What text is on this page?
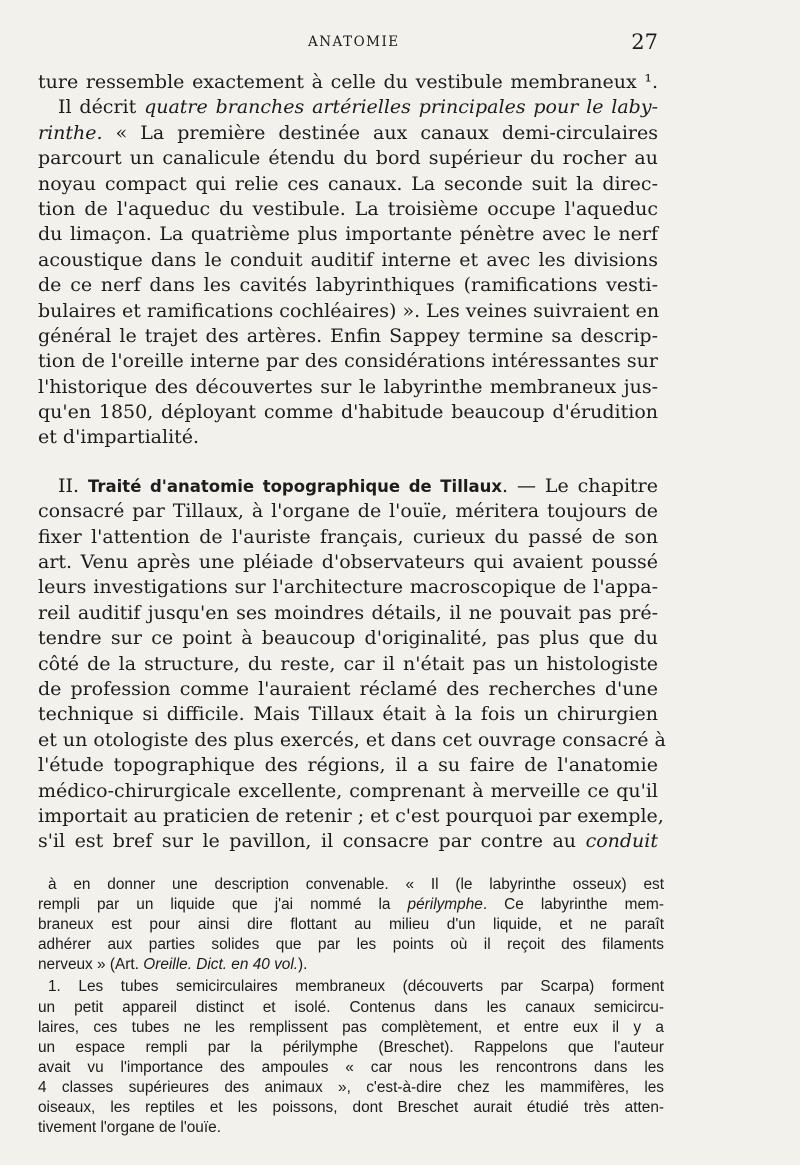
ANATOMIE	27
ture ressemble exactement à celle du vestibule membraneux ¹.
Il décrit quatre branches artérielles principales pour le laby-
rinthe. « La première destinée aux canaux demi-circulaires
parcourt un canalicule étendu du bord supérieur du rocher au
noyau compact qui relie ces canaux. La seconde suit la direc-
tion de l'aqueduc du vestibule. La troisième occupe l'aqueduc
du limaçon. La quatrième plus importante pénètre avec le nerf
acoustique dans le conduit auditif interne et avec les divisions
de ce nerf dans les cavités labyrinthiques (ramifications vesti-
bulaires et ramifications cochléaires) ». Les veines suivraient en
général le trajet des artères. Enfin Sappey termine sa descrip-
tion de l'oreille interne par des considérations intéressantes sur
l'historique des découvertes sur le labyrinthe membraneux jus-
qu'en 1850, déployant comme d'habitude beaucoup d'érudition
et d'impartialité.
II. Traité d'anatomie topographique de Tillaux. — Le chapitre
consacré par Tillaux, à l'organe de l'ouïe, méritera toujours de
fixer l'attention de l'auriste français, curieux du passé de son
art. Venu après une pléiade d'observateurs qui avaient poussé
leurs investigations sur l'architecture macroscopique de l'appa-
reil auditif jusqu'en ses moindres détails, il ne pouvait pas pré-
tendre sur ce point à beaucoup d'originalité, pas plus que du
côté de la structure, du reste, car il n'était pas un histologiste
de profession comme l'auraient réclamé des recherches d'une
technique si difficile. Mais Tillaux était à la fois un chirurgien
et un otologiste des plus exercés, et dans cet ouvrage consacré à
l'étude topographique des régions, il a su faire de l'anatomie
médico-chirurgicale excellente, comprenant à merveille ce qu'il
importait au praticien de retenir ; et c'est pourquoi par exemple,
s'il est bref sur le pavillon, il consacre par contre au conduit
à en donner une description convenable. « Il (le labyrinthe osseux) est
rempli par un liquide que j'ai nommé la périlymphe. Ce labyrinthe mem-
braneux est pour ainsi dire flottant au milieu d'un liquide, et ne paraît
adhérer aux parties solides que par les points où il reçoit des filaments
nerveux » (Art. Oreille. Dict. en 40 vol.).
1. Les tubes semicirculaires membraneux (découverts par Scarpa) forment
un petit appareil distinct et isolé. Contenus dans les canaux semicircu-
laires, ces tubes ne les remplissent pas complètement, et entre eux il y a
un espace rempli par la périlymphe (Breschet). Rappelons que l'auteur
avait vu l'importance des ampoules « car nous les rencontrons dans les
4 classes supérieures des animaux », c'est-à-dire chez les mammifères, les
oiseaux, les reptiles et les poissons, dont Breschet aurait étudié très atten-
tivement l'organe de l'ouïe.
